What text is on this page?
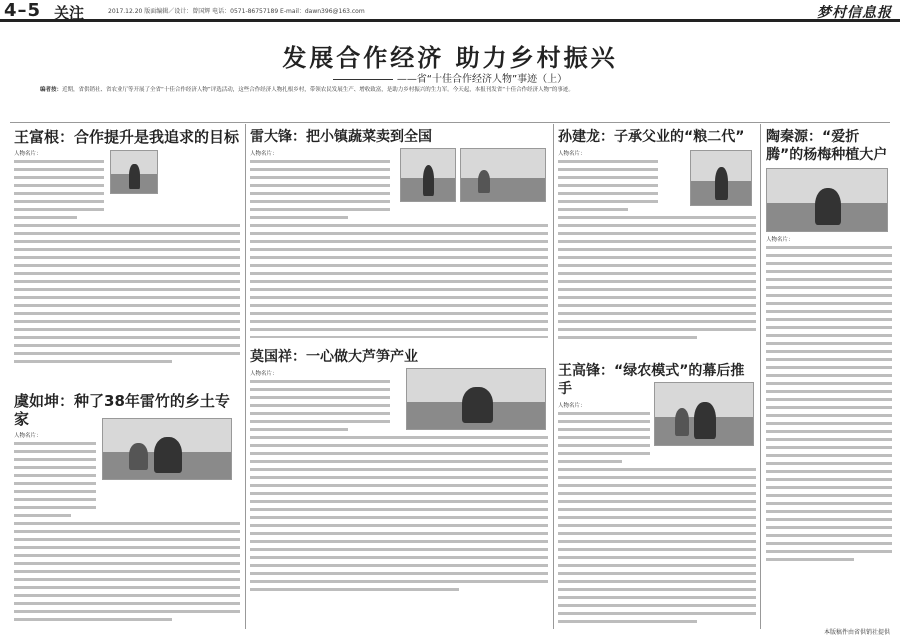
4–5 关注	2017.12.20 版面编辑／设计：曾国辉 电话：0571-86757189 E-mail：dawn396@163.com	梦村信息报
发展合作经济 助力乡村振兴
——省“十佳合作经济人物”事迹（上）
编者按：近期，省供销社、省农业厅等开展了全省“十佳合作经济人物”评选活动，这些合作经济人物扎根乡村，带领农民发展生产、增收致富，是助力乡村振兴的生力军。今天起，本报刊发省“十佳合作经济人物”的事迹。
王富根：合作提升是我追求的目标
人物名片：
虞如坤：种了38年雷竹的乡土专家
人物名片：
雷大锋：把小镇蔬菜卖到全国
人物名片：
莫国祥：一心做大芦笋产业
人物名片：
孙建龙：子承父业的“粮二代”
人物名片：
王高锋：“绿农模式”的幕后推手
人物名片：
陶秦源：“爱折腾”的杨梅种植大户
人物名片：
本版稿件由省供销社提供
